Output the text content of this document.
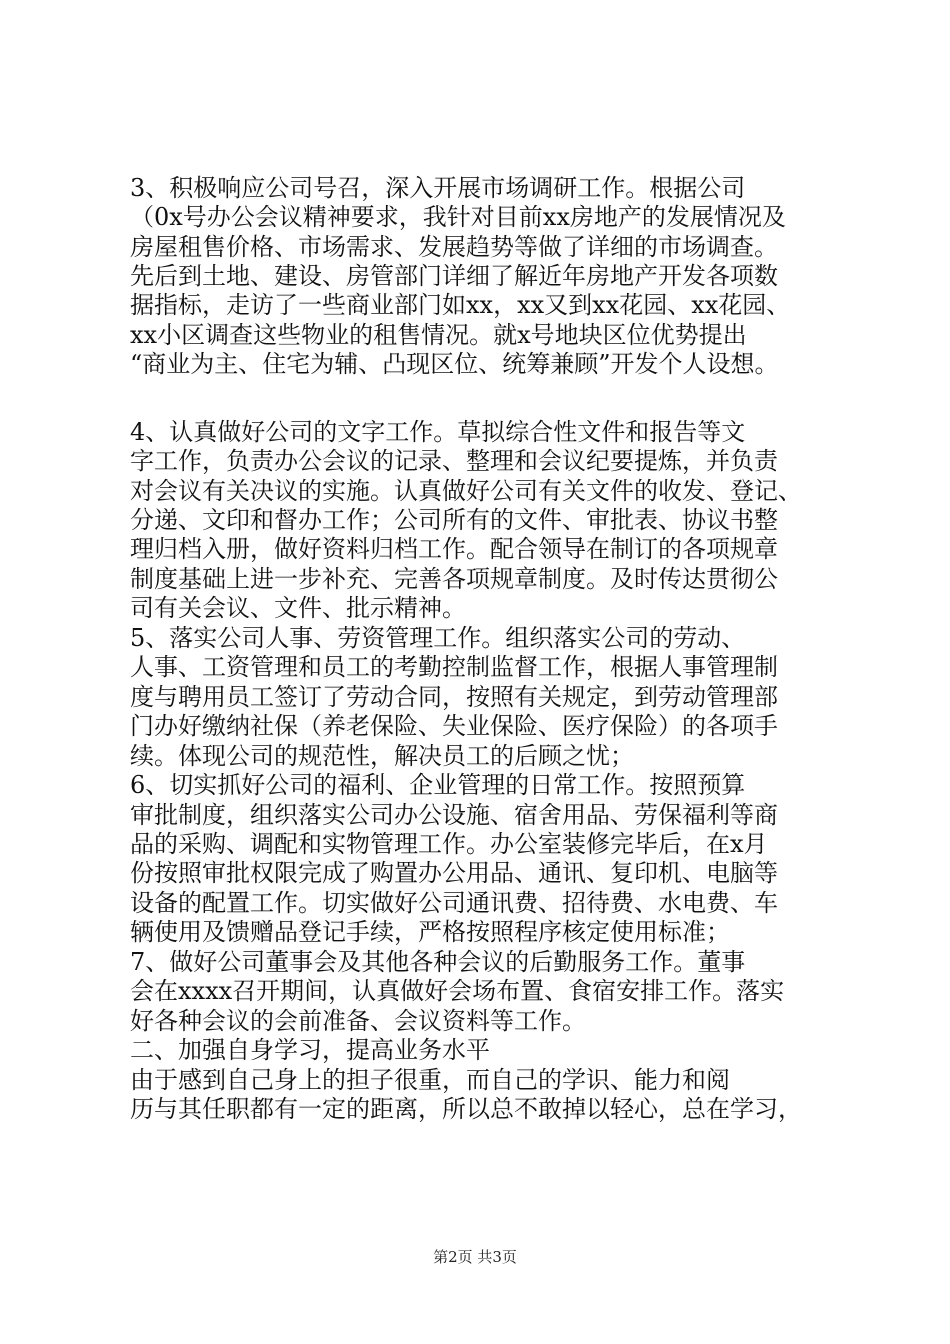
3、积极响应公司号召，深入开展市场调研工作。根据公司
（0x号办公会议精神要求，我针对目前xx房地产的发展情况及
房屋租售价格、市场需求、发展趋势等做了详细的市场调查。
先后到土地、建设、房管部门详细了解近年房地产开发各项数
据指标，走访了一些商业部门如xx，xx又到xx花园、xx花园、
xx小区调查这些物业的租售情况。就x号地块区位优势提出
“商业为主、住宅为辅、凸现区位、统筹兼顾”开发个人设想。
4、认真做好公司的文字工作。草拟综合性文件和报告等文
字工作，负责办公会议的记录、整理和会议纪要提炼，并负责
对会议有关决议的实施。认真做好公司有关文件的收发、登记、
分递、文印和督办工作；公司所有的文件、审批表、协议书整
理归档入册，做好资料归档工作。配合领导在制订的各项规章
制度基础上进一步补充、完善各项规章制度。及时传达贯彻公
司有关会议、文件、批示精神。
5、落实公司人事、劳资管理工作。组织落实公司的劳动、
人事、工资管理和员工的考勤控制监督工作，根据人事管理制
度与聘用员工签订了劳动合同，按照有关规定，到劳动管理部
门办好缴纳社保（养老保险、失业保险、医疗保险）的各项手
续。体现公司的规范性，解决员工的后顾之忧；
6、切实抓好公司的福利、企业管理的日常工作。按照预算
审批制度，组织落实公司办公设施、宿舍用品、劳保福利等商
品的采购、调配和实物管理工作。办公室装修完毕后，在x月
份按照审批权限完成了购置办公用品、通讯、复印机、电脑等
设备的配置工作。切实做好公司通讯费、招待费、水电费、车
辆使用及馈赠品登记手续，严格按照程序核定使用标准；
7、做好公司董事会及其他各种会议的后勤服务工作。董事
会在xxxx召开期间，认真做好会场布置、食宿安排工作。落实
好各种会议的会前准备、会议资料等工作。
二、加强自身学习，提高业务水平
由于感到自己身上的担子很重，而自己的学识、能力和阅
历与其任职都有一定的距离，所以总不敢掉以轻心，总在学习，
第2页 共3页
